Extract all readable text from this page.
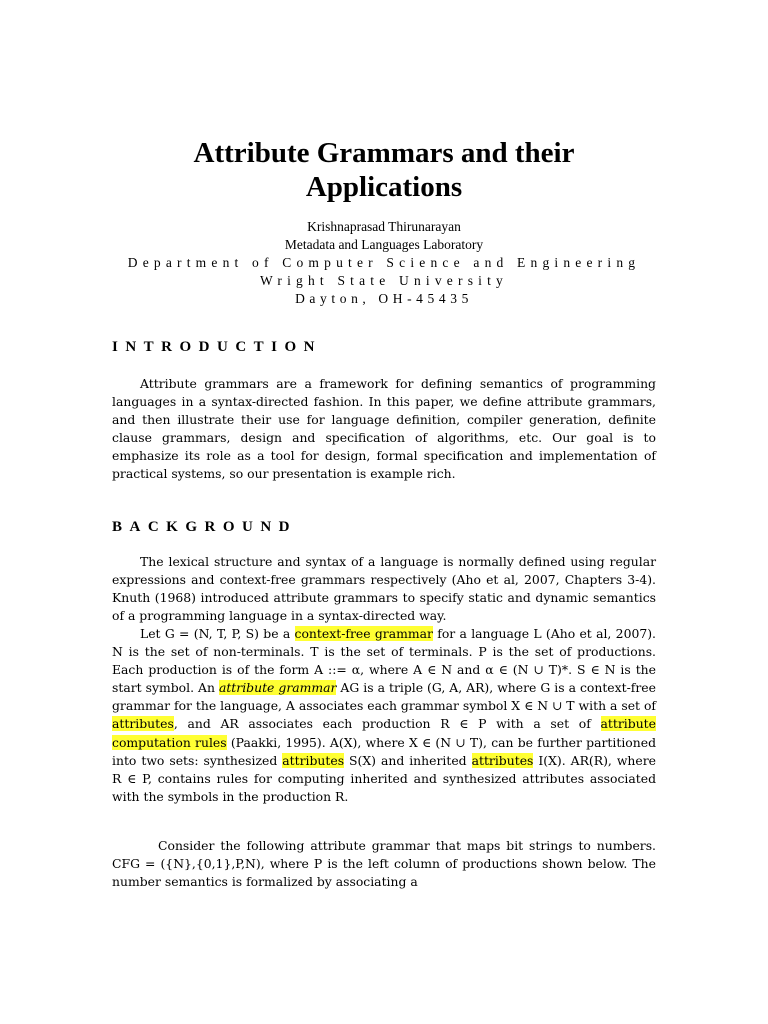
Attribute Grammars and their
Applications
Krishnaprasad Thirunarayan
Metadata and Languages Laboratory
Department of Computer Science and Engineering
Wright State University
Dayton, OH-45435
INTRODUCTION

Attribute grammars are a framework for defining semantics of programming languages in a syntax-directed fashion. In this paper, we define attribute grammars, and then illustrate their use for language definition, compiler generation, definite clause grammars, design and specification of algorithms, etc. Our goal is to emphasize its role as a tool for design, formal specification and implementation of practical systems, so our presentation is example rich.

BACKGROUND

The lexical structure and syntax of a language is normally defined using regular expressions and context-free grammars respectively (Aho et al, 2007, Chapters 3-4). Knuth (1968) introduced attribute grammars to specify static and dynamic semantics of a programming language in a syntax-directed way.

Let G = (N, T, P, S) be a context-free grammar for a language L (Aho et al, 2007). N is the set of non-terminals. T is the set of terminals. P is the set of productions. Each production is of the form A ::= α, where A ∈ N and α ∈ (N ∪ T)*. S ∈ N is the start symbol. An attribute grammar AG is a triple (G, A, AR), where G is a context-free grammar for the language, A associates each grammar symbol X ∈ N ∪ T with a set of attributes, and AR associates each production R ∈ P with a set of attribute computation rules (Paakki, 1995). A(X), where X ∈ (N ∪ T), can be further partitioned into two sets: synthesized attributes S(X) and inherited attributes I(X). AR(R), where R ∈ P, contains rules for computing inherited and synthesized attributes associated with the symbols in the production R.

Consider the following attribute grammar that maps bit strings to numbers. CFG = ({N},{0,1},P,N), where P is the left column of productions shown below. The number semantics is formalized by associating a
